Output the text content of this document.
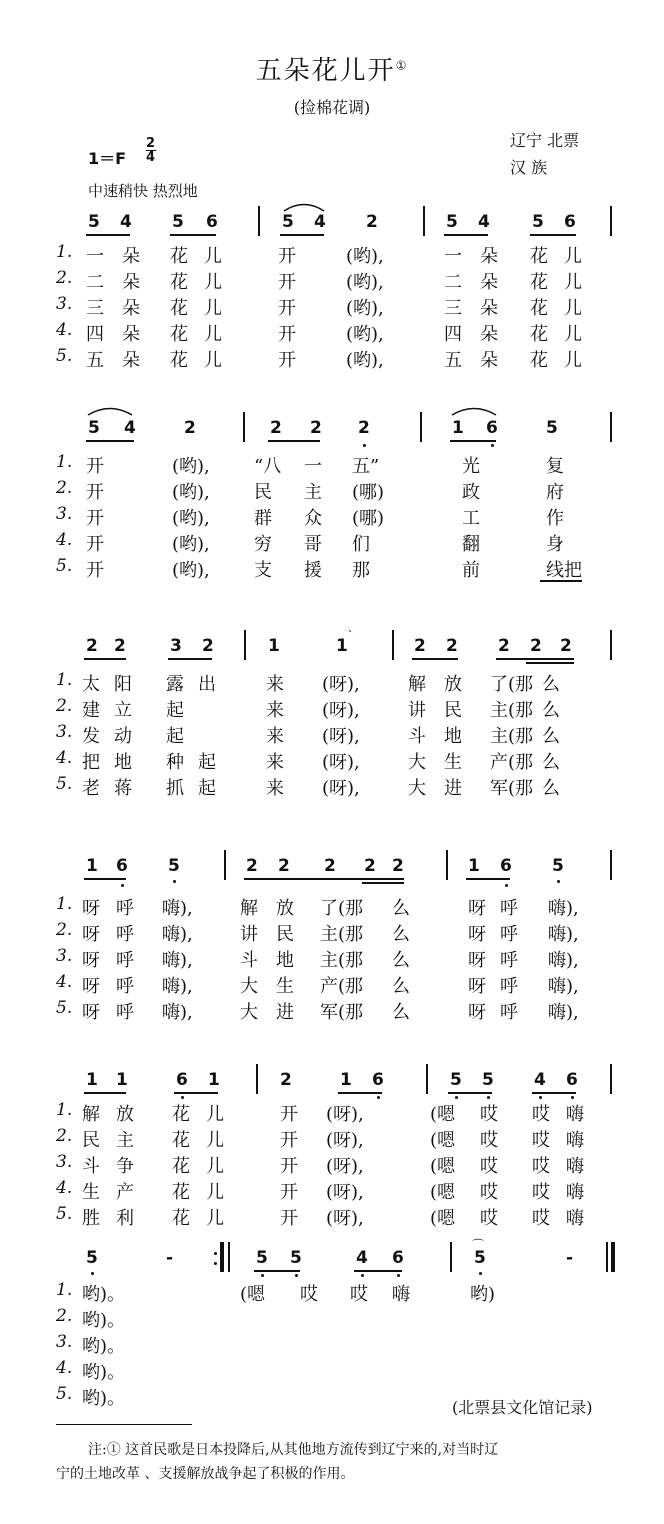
五朵花儿开①
(捡棉花调)
1＝F
2
4
中速稍快 热烈地
辽宁 北票
汉 族
5 4 5 6	5 4 2	5 4 5 6
1.
2.
3.
4.
5.
5 4	2	2 2 2	1 6	5
1.
2.
3.
4.
5.
2 2	3 2	1	1	2 2 2 2 2
`
1.
2.
3.
4.
5.
1 6 5	2 2 2 2 2	1 6 5
1.
2.
3.
4.
5.
1 1	6 1	2	1 6	5 5 4 6
1.
2.
3.
4.
5.
5	-	5 5	4 6	5
⌒
-
1.
2.
3.
4.
5.
(北票县文化馆记录)
注:① 这首民歌是日本投降后,从其他地方流传到辽宁来的,对当时辽
宁的土地改革 、支援解放战争起了积极的作用。
一 朵 花 儿	开	(哟),	一 朵 花 儿
二 朵 花 儿	开	(哟),	二 朵 花 儿
三 朵 花 儿	开	(哟),	三 朵 花 儿
四 朵 花 儿	开	(哟),	四 朵 花 儿
五 朵 花 儿	开	(哟),	五 朵 花 儿
开	(哟), “八 一 五”	光	复
开	(哟), 民 主 (哪)	政	府
开	(哟), 群 众 (哪)	工	作
开	(哟), 穷 哥 们	翻	身
开	(哟), 支 援 那	前	线把
太 阳 露 出	来 (呀),	解 放 了(那 么
建 立 起	来 (呀),	讲 民 主(那 么
发 动 起	来 (呀),	斗 地 主(那 么
把 地 种 起	来 (呀),	大 生 产(那 么
老 蒋 抓 起	来 (呀),	大 进 军(那 么
呀 呼 嗨),	解 放 了(那 么	呀 呼 嗨),
呀 呼 嗨),	讲 民 主(那 么	呀 呼 嗨),
呀 呼 嗨),	斗 地 主(那 么	呀 呼 嗨),
呀 呼 嗨),	大 生 产(那 么	呀 呼 嗨),
呀 呼 嗨),	大 进 军(那 么	呀 呼 嗨),
解 放 花 儿	开 (呀),	(嗯 哎 哎 嗨
民 主 花 儿	开 (呀),	(嗯 哎 哎 嗨
斗 争 花 儿	开 (呀),	(嗯 哎 哎 嗨
生 产 花 儿	开 (呀),	(嗯 哎 哎 嗨
胜 利 花 儿	开 (呀),	(嗯 哎 哎 嗨
哟)。
哟)。
哟)。
哟)。
哟)。
(嗯 哎 哎 嗨	哟)
